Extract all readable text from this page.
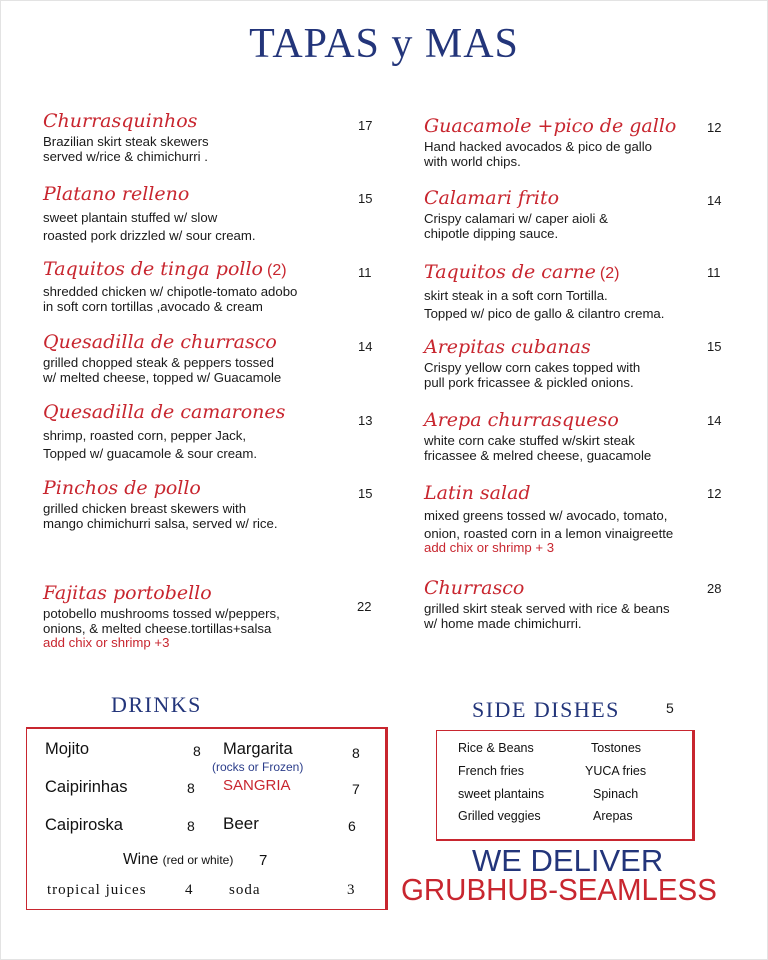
TAPAS y MAS
Churrasquinhos
Brazilian skirt steak skewers
served w/rice & chimichurri .
17
Platano relleno
sweet plantain stuffed w/ slow
roasted pork drizzled w/ sour cream.
15
Taquitos de tinga pollo (2)
shredded chicken w/ chipotle-tomato adobo
in soft corn tortillas ,avocado & cream
11
Quesadilla de churrasco
grilled chopped steak & peppers tossed
w/ melted cheese, topped w/ Guacamole
14
Quesadilla de camarones
shrimp, roasted corn, pepper Jack,
Topped w/ guacamole & sour cream.
13
Pinchos de pollo
grilled chicken breast skewers with
mango chimichurri salsa, served w/ rice.
15
Fajitas portobello
potobello mushrooms tossed w/peppers,
onions, & melted cheese.tortillas+salsa
add chix or shrimp +3
22
Guacamole +pico de gallo
Hand hacked avocados & pico de gallo
with world chips.
12
Calamari frito
Crispy calamari w/ caper aioli &
chipotle dipping sauce.
14
Taquitos de carne (2)
skirt steak in a soft corn Tortilla.
Topped w/ pico de gallo & cilantro crema.
11
Arepitas cubanas
Crispy yellow corn cakes topped with
pull pork fricassee & pickled onions.
15
Arepa churrasqueso
white corn cake stuffed w/skirt steak
fricassee & melred cheese, guacamole
14
Latin salad
mixed greens tossed w/ avocado, tomato,
onion, roasted corn in a lemon vinaigreette
add chix or shrimp + 3
12
Churrasco
grilled skirt steak served with rice & beans
w/ home made chimichurri.
28
DRINKS
Mojito	8 Margarita	8
(rocks or Frozen)
Caipirinhas	8 SANGRIA	7
Caipiroska	8 Beer	6
Wine (red or white) 7
tropical juices	4 soda	3
SIDE DISHES	5
Rice & Beans	Tostones
French fries	YUCA fries
sweet plantains	Spinach
Grilled veggies	Arepas
WE DELIVER
GRUBHUB-SEAMLESS
